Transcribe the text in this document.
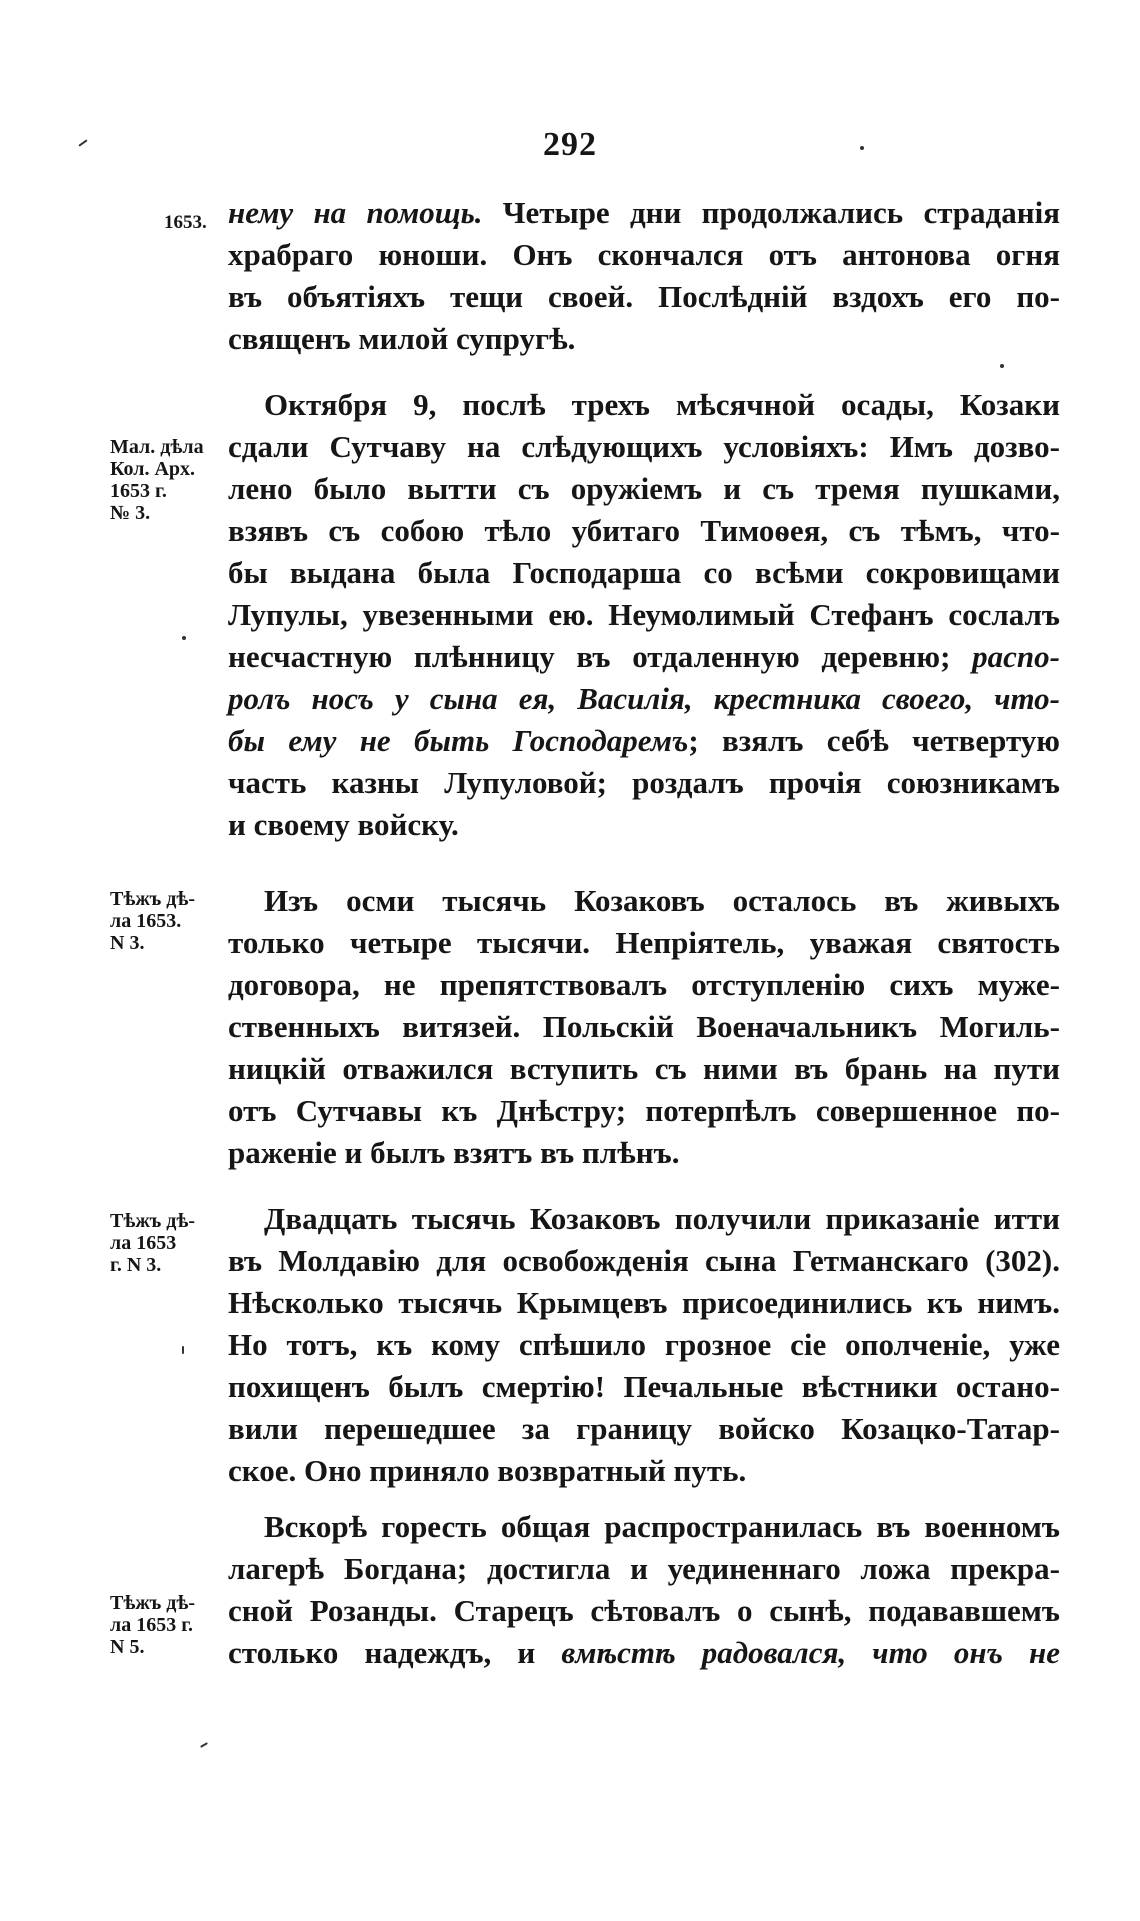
292
1653.
Мал. дѣла
Кол. Арх.
1653 г.
№ 3.
Тѣжъ дѣ-
ла 1653.
N 3.
Тѣжъ дѣ-
ла 1653
г. N 3.
Тѣжъ дѣ-
ла 1653 г.
N 5.
нему на помощь. Четыре дни продолжались страданія
храбраго юноши. Онъ скончался отъ антонова огня
въ объятіяхъ тещи своей. Послѣдній вздохъ его по-
священъ милой супругѣ.
Октября 9, послѣ трехъ мѣсячной осады, Козаки
сдали Сутчаву на слѣдующихъ условіяхъ: Имъ дозво-
лено было вытти съ оружіемъ и съ тремя пушками,
взявъ съ собою тѣло убитаго Тимоѳея, съ тѣмъ, что-
бы выдана была Господарша со всѣми сокровищами
Лупулы, увезенными ею. Неумолимый Стефанъ сослалъ
несчастную плѣнницу въ отдаленную деревню; распо-
ролъ носъ у сына ея, Василія, крестника своего, что-
бы ему не быть Господаремъ; взялъ себѣ четвертую
часть казны Лупуловой; роздалъ прочія союзникамъ
и своему войску.
Изъ осми тысячь Козаковъ осталось въ живыхъ
только четыре тысячи. Непріятель, уважая святость
договора, не препятствовалъ отступленію сихъ муже-
ственныхъ витязей. Польскій Военачальникъ Могиль-
ницкій отважился вступить съ ними въ брань на пути
отъ Сутчавы къ Днѣстру; потерпѣлъ совершенное по-
раженіе и былъ взятъ въ плѣнъ.
Двадцать тысячь Козаковъ получили приказаніе итти
въ Молдавію для освобожденія сына Гетманскаго (302).
Нѣсколько тысячь Крымцевъ присоединились къ нимъ.
Но тотъ, къ кому спѣшило грозное сіе ополченіе, уже
похищенъ былъ смертію! Печальные вѣстники остано-
вили перешедшее за границу войско Козацко-Татар-
ское. Оно приняло возвратный путь.
Вскорѣ горесть общая распространилась въ военномъ
лагерѣ Богдана; достигла и уединеннаго ложа прекра-
сной Розанды. Старецъ сѣтовалъ о сынѣ, подававшемъ
столько надеждъ, и вмѣстѣ радовался, что онъ не
